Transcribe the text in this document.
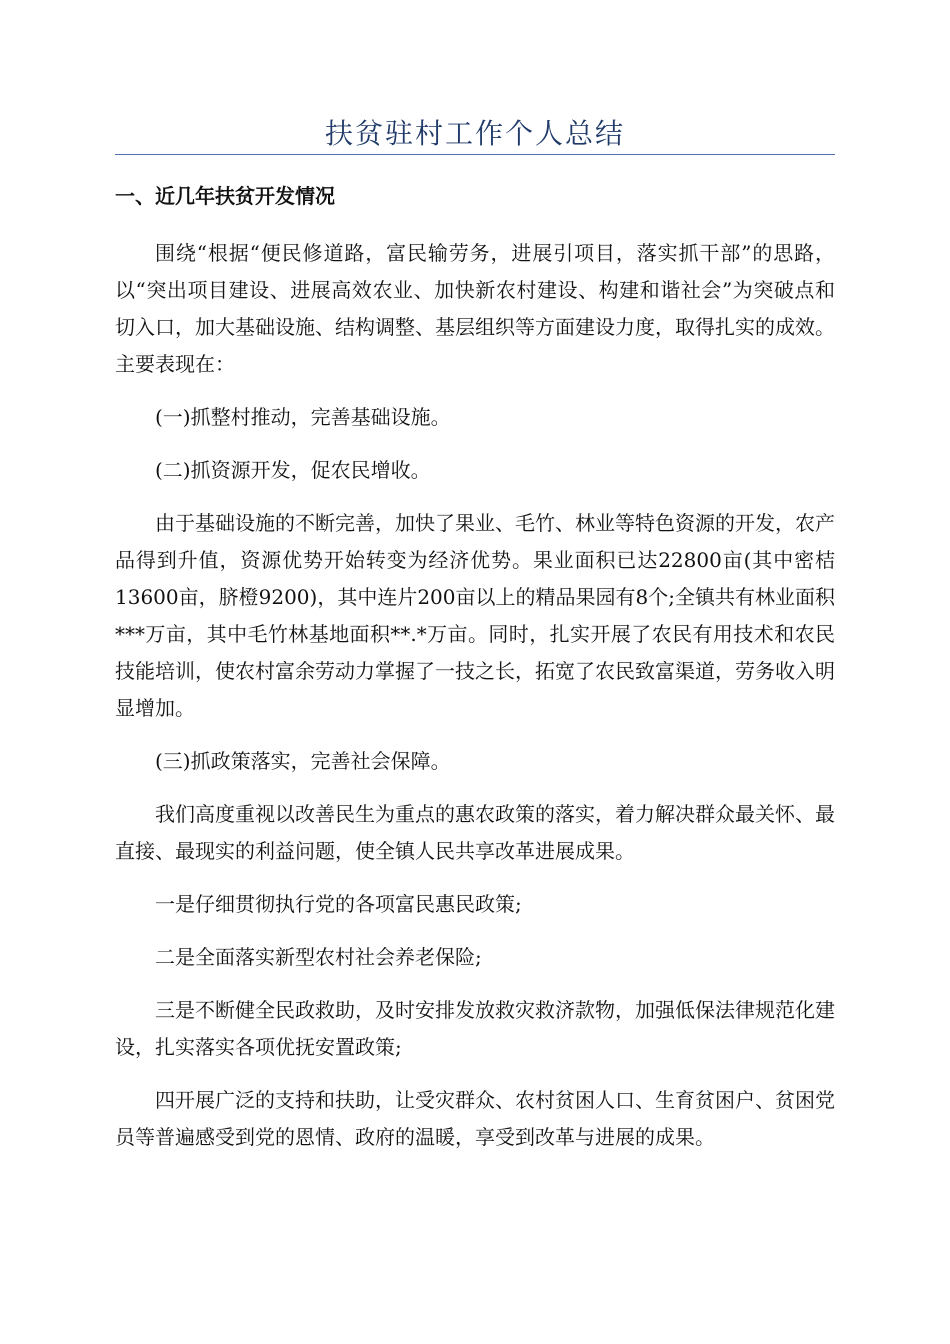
扶贫驻村工作个人总结
一、近几年扶贫开发情况

围绕“根据“便民修道路，富民输劳务，进展引项目，落实抓干部”的思路，以“突出项目建设、进展高效农业、加快新农村建设、构建和谐社会”为突破点和切入口，加大基础设施、结构调整、基层组织等方面建设力度，取得扎实的成效。主要表现在：

(一)抓整村推动，完善基础设施。

(二)抓资源开发，促农民增收。

由于基础设施的不断完善，加快了果业、毛竹、林业等特色资源的开发，农产品得到升值，资源优势开始转变为经济优势。果业面积已达22800亩(其中密桔13600亩，脐橙9200)，其中连片200亩以上的精品果园有8个;全镇共有林业面积***万亩，其中毛竹林基地面积**.*万亩。同时，扎实开展了农民有用技术和农民技能培训，使农村富余劳动力掌握了一技之长，拓宽了农民致富渠道，劳务收入明显增加。

(三)抓政策落实，完善社会保障。

我们高度重视以改善民生为重点的惠农政策的落实，着力解决群众最关怀、最直接、最现实的利益问题，使全镇人民共享改革进展成果。

一是仔细贯彻执行党的各项富民惠民政策;

二是全面落实新型农村社会养老保险;

三是不断健全民政救助，及时安排发放救灾救济款物，加强低保法律规范化建设，扎实落实各项优抚安置政策;

四开展广泛的支持和扶助，让受灾群众、农村贫困人口、生育贫困户、贫困党员等普遍感受到党的恩情、政府的温暖，享受到改革与进展的成果。
